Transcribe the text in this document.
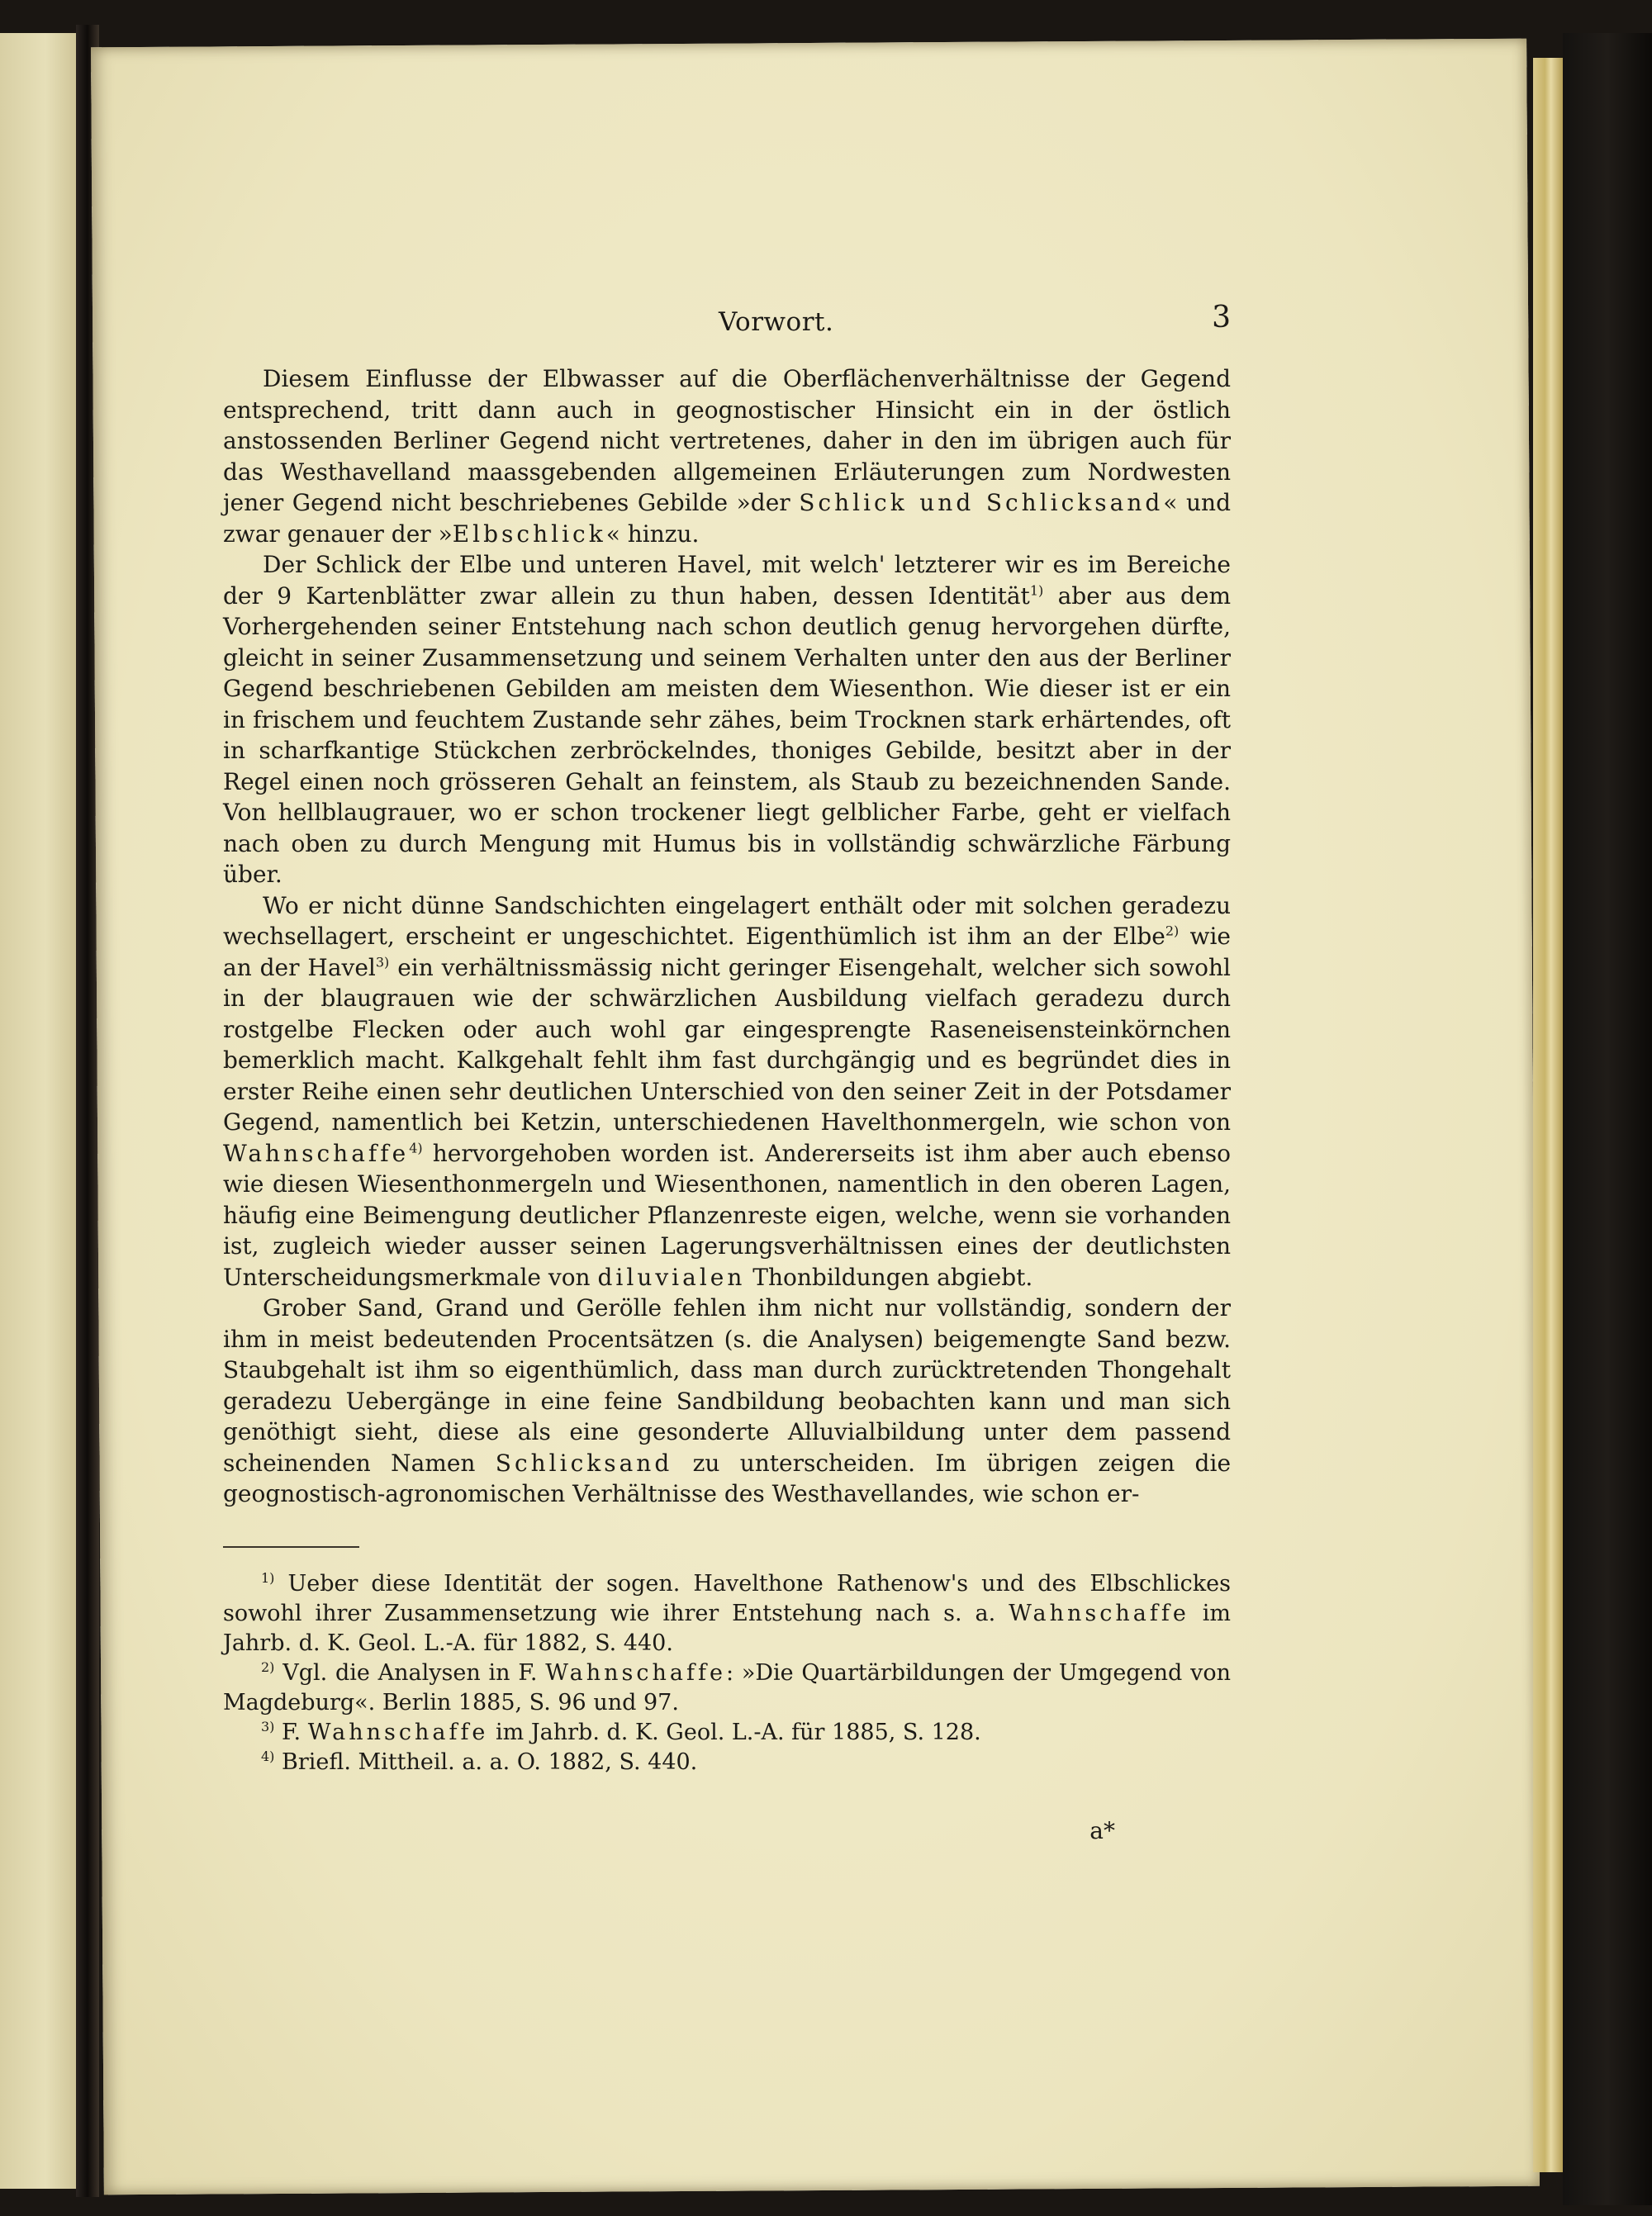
Vorwort.	3

Diesem Einflusse der Elbwasser auf die Oberflächenverhältnisse der Gegend entsprechend, tritt dann auch in geognostischer Hinsicht ein in der östlich anstossenden Berliner Gegend nicht vertretenes, daher in den im übrigen auch für das Westhavelland maassgebenden allgemeinen Erläuterungen zum Nordwesten jener Gegend nicht beschriebenes Gebilde »der Schlick und Schlicksand« und zwar genauer der »Elbschlick« hinzu.

Der Schlick der Elbe und unteren Havel, mit welch' letzterer wir es im Bereiche der 9 Kartenblätter zwar allein zu thun haben, dessen Identität$^{1)}$ aber aus dem Vorhergehenden seiner Entstehung nach schon deutlich genug hervorgehen dürfte, gleicht in seiner Zusammensetzung und seinem Verhalten unter den aus der Berliner Gegend beschriebenen Gebilden am meisten dem Wiesenthon. Wie dieser ist er ein in frischem und feuchtem Zustande sehr zähes, beim Trocknen stark erhärtendes, oft in scharfkantige Stückchen zerbröckelndes, thoniges Gebilde, besitzt aber in der Regel einen noch grösseren Gehalt an feinstem, als Staub zu bezeichnenden Sande. Von hellblaugrauer, wo er schon trockener liegt gelblicher Farbe, geht er vielfach nach oben zu durch Mengung mit Humus bis in vollständig schwärzliche Färbung über.

Wo er nicht dünne Sandschichten eingelagert enthält oder mit solchen geradezu wechsellagert, erscheint er ungeschichtet. Eigenthümlich ist ihm an der Elbe$^{2)}$ wie an der Havel$^{3)}$ ein verhältnissmässig nicht geringer Eisengehalt, welcher sich sowohl in der blaugrauen wie der schwärzlichen Ausbildung vielfach geradezu durch rostgelbe Flecken oder auch wohl gar eingesprengte Raseneisensteinkörnchen bemerklich macht. Kalkgehalt fehlt ihm fast durchgängig und es begründet dies in erster Reihe einen sehr deutlichen Unterschied von den seiner Zeit in der Potsdamer Gegend, namentlich bei Ketzin, unterschiedenen Havelthonmergeln, wie schon von Wahnschaffe$^{4)}$ hervorgehoben worden ist. Andererseits ist ihm aber auch ebenso wie diesen Wiesenthonmergeln und Wiesenthonen, namentlich in den oberen Lagen, häufig eine Beimengung deutlicher Pflanzenreste eigen, welche, wenn sie vorhanden ist, zugleich wieder ausser seinen Lagerungsverhältnissen eines der deutlichsten Unterscheidungsmerkmale von diluvialen Thonbildungen abgiebt.

Grober Sand, Grand und Gerölle fehlen ihm nicht nur vollständig, sondern der ihm in meist bedeutenden Procentsätzen (s. die Analysen) beigemengte Sand bezw. Staubgehalt ist ihm so eigenthümlich, dass man durch zurücktretenden Thongehalt geradezu Uebergänge in eine feine Sandbildung beobachten kann und man sich genöthigt sieht, diese als eine gesonderte Alluvialbildung unter dem passend scheinenden Namen Schlicksand zu unterscheiden. Im übrigen zeigen die geognostisch-agronomischen Verhältnisse des Westhavellandes, wie schon er-

$^{1)}$ Ueber diese Identität der sogen. Havelthone Rathenow's und des Elbschlickes sowohl ihrer Zusammensetzung wie ihrer Entstehung nach s. a. Wahnschaffe im Jahrb. d. K. Geol. L.-A. für 1882, S. 440.

$^{2)}$ Vgl. die Analysen in F. Wahnschaffe: »Die Quartärbildungen der Umgegend von Magdeburg«. Berlin 1885, S. 96 und 97.

$^{3)}$ F. Wahnschaffe im Jahrb. d. K. Geol. L.-A. für 1885, S. 128.

$^{4)}$ Briefl. Mittheil. a. a. O. 1882, S. 440.

a*
